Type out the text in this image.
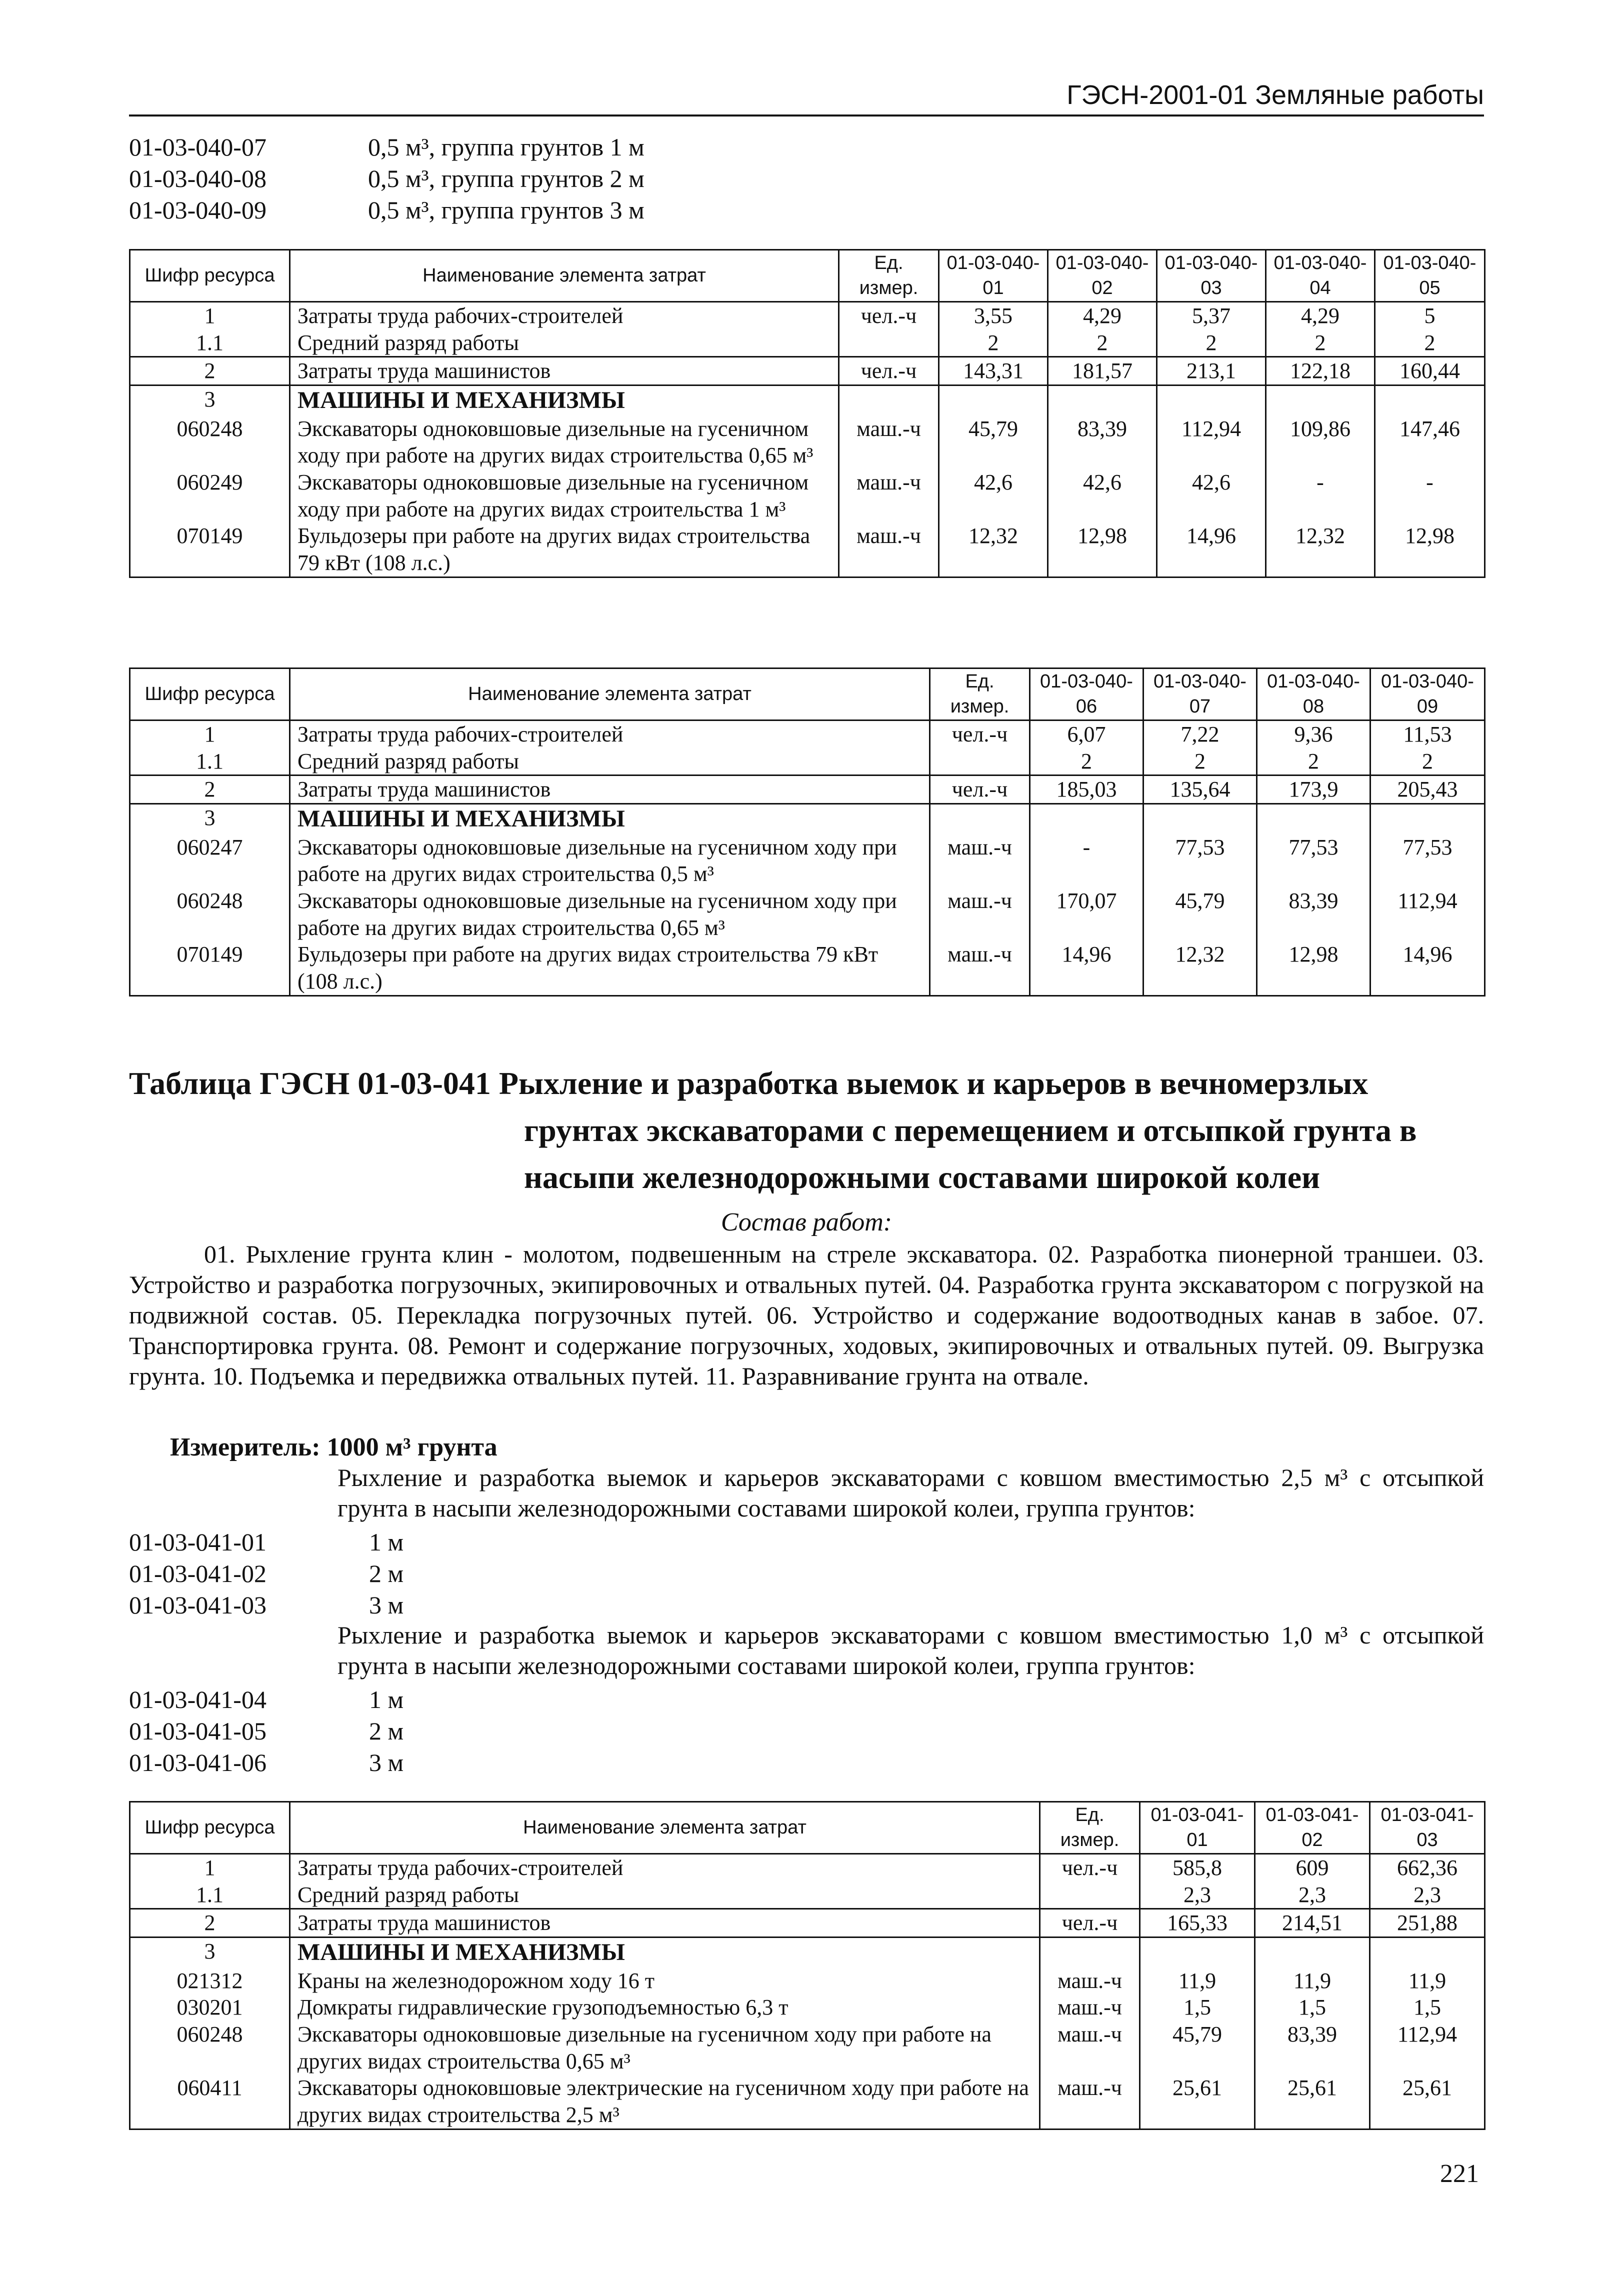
ГЭСН-2001-01 Земляные работы
01-03-040-07	0,5 м³, группа грунтов 1 м
01-03-040-08	0,5 м³, группа грунтов 2 м
01-03-040-09	0,5 м³, группа грунтов 3 м
Шифр ресурса	Наименование элемента затрат	Ед. измер.	01-03-040-01	01-03-040-02	01-03-040-03	01-03-040-04	01-03-040-05
1	Затраты труда рабочих-строителей	чел.-ч	3,55	4,29	5,37	4,29	5
1.1	Средний разряд работы		2	2	2	2	2
2	Затраты труда машинистов	чел.-ч	143,31	181,57	213,1	122,18	160,44
3	МАШИНЫ И МЕХАНИЗМЫ						
060248	Экскаваторы одноковшовые дизельные на гусеничном ходу при работе на других видах строительства 0,65 м³	маш.-ч	45,79	83,39	112,94	109,86	147,46
060249	Экскаваторы одноковшовые дизельные на гусеничном ходу при работе на других видах строительства 1 м³	маш.-ч	42,6	42,6	42,6	-	-
070149	Бульдозеры при работе на других видах строительства 79 кВт (108 л.с.)	маш.-ч	12,32	12,98	14,96	12,32	12,98
Шифр ресурса	Наименование элемента затрат	Ед. измер.	01-03-040-06	01-03-040-07	01-03-040-08	01-03-040-09
1	Затраты труда рабочих-строителей	чел.-ч	6,07	7,22	9,36	11,53
1.1	Средний разряд работы		2	2	2	2
2	Затраты труда машинистов	чел.-ч	185,03	135,64	173,9	205,43
3	МАШИНЫ И МЕХАНИЗМЫ					
060247	Экскаваторы одноковшовые дизельные на гусеничном ходу при работе на других видах строительства 0,5 м³	маш.-ч	-	77,53	77,53	77,53
060248	Экскаваторы одноковшовые дизельные на гусеничном ходу при работе на других видах строительства 0,65 м³	маш.-ч	170,07	45,79	83,39	112,94
070149	Бульдозеры при работе на других видах строительства 79 кВт (108 л.с.)	маш.-ч	14,96	12,32	12,98	14,96
Таблица ГЭСН 01-03-041 Рыхление и разработка выемок и карьеров в вечномерзлых
грунтах экскаваторами с перемещением и отсыпкой грунта в
насыпи железнодорожными составами широкой колеи
Состав работ:
01. Рыхление грунта клин - молотом, подвешенным на стреле экскаватора. 02. Разработка пионерной траншеи. 03. Устройство и разработка погрузочных, экипировочных и отвальных путей. 04. Разработка грунта экскаватором с погрузкой на подвижной состав. 05. Перекладка погрузочных путей. 06. Устройство и содержание водоотводных канав в забое. 07. Транспортировка грунта. 08. Ремонт и содержание погрузочных, ходовых, экипировочных и отвальных путей. 09. Выгрузка грунта. 10. Подъемка и передвижка отвальных путей. 11. Разравнивание грунта на отвале.
Измеритель: 1000 м³ грунта
Рыхление и разработка выемок и карьеров экскаваторами с ковшом вместимостью 2,5 м³ с отсыпкой грунта в насыпи железнодорожными составами широкой колеи, группа грунтов:
01-03-041-01	1 м
01-03-041-02	2 м
01-03-041-03	3 м
Рыхление и разработка выемок и карьеров экскаваторами с ковшом вместимостью 1,0 м³ с отсыпкой грунта в насыпи железнодорожными составами широкой колеи, группа грунтов:
01-03-041-04	1 м
01-03-041-05	2 м
01-03-041-06	3 м
Шифр ресурса	Наименование элемента затрат	Ед. измер.	01-03-041-01	01-03-041-02	01-03-041-03
1	Затраты труда рабочих-строителей	чел.-ч	585,8	609	662,36
1.1	Средний разряд работы		2,3	2,3	2,3
2	Затраты труда машинистов	чел.-ч	165,33	214,51	251,88
3	МАШИНЫ И МЕХАНИЗМЫ				
021312	Краны на железнодорожном ходу 16 т	маш.-ч	11,9	11,9	11,9
030201	Домкраты гидравлические грузоподъемностью 6,3 т	маш.-ч	1,5	1,5	1,5
060248	Экскаваторы одноковшовые дизельные на гусеничном ходу при работе на других видах строительства 0,65 м³	маш.-ч	45,79	83,39	112,94
060411	Экскаваторы одноковшовые электрические на гусеничном ходу при работе на других видах строительства 2,5 м³	маш.-ч	25,61	25,61	25,61
221
